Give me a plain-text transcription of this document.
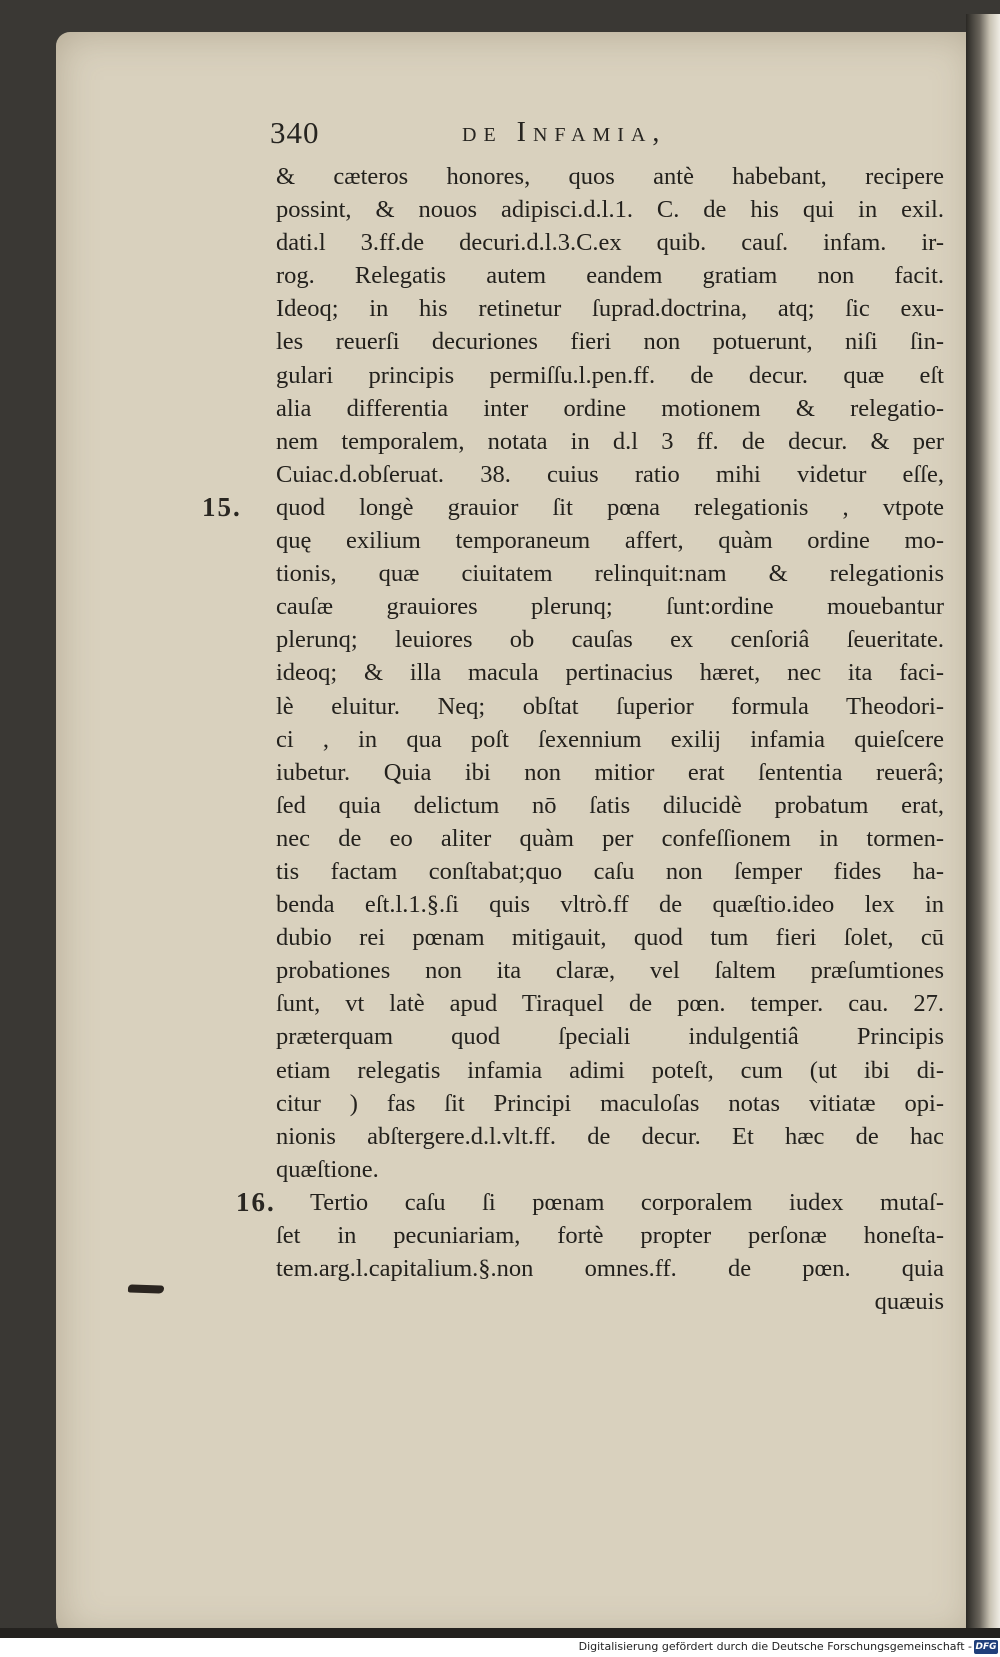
340	de Infamia,
& cæteros honores, quos antè habebant, recipere
possint, & nouos adipisci.d.l.1. C. de his qui in exil.
dati.l 3.ff.de decuri.d.l.3.C.ex quib. cauſ. infam. ir-
rog. Relegatis autem eandem gratiam non facit.
Ideoq; in his retinetur ſuprad.doctrina, atq; ſic exu-
les reuerſi decuriones fieri non potuerunt, niſi ſin-
gulari principis permiſſu.l.pen.ff. de decur. quæ eſt
alia differentia inter ordine motionem & relegatio-
nem temporalem, notata in d.l 3 ff. de decur. & per
Cuiac.d.obſeruat. 38. cuius ratio mihi videtur eſſe,
quod longè grauior ſit pœna relegationis , vtpote
15.
quę exilium temporaneum affert, quàm ordine mo-
tionis, quæ ciuitatem relinquit:nam & relegationis
cauſæ grauiores plerunq; ſunt:ordine mouebantur
plerunq; leuiores ob cauſas ex cenſoriâ ſeueritate.
ideoq; & illa macula pertinacius hæret, nec ita faci-
lè eluitur. Neq; obſtat ſuperior formula Theodori-
ci , in qua poſt ſexennium exilij infamia quieſcere
iubetur. Quia ibi non mitior erat ſententia reuerâ;
ſed quia delictum nō ſatis dilucidè probatum erat,
nec de eo aliter quàm per confeſſionem in tormen-
tis factam conſtabat;quo caſu non ſemper fides ha-
benda eſt.l.1.§.ſi quis vltrò.ff de quæſtio.ideo lex in
dubio rei pœnam mitigauit, quod tum fieri ſolet, cū
probationes non ita claræ, vel ſaltem præſumtiones
ſunt, vt latè apud Tiraquel de pœn. temper. cau. 27.
præterquam quod ſpeciali indulgentiâ Principis
etiam relegatis infamia adimi poteſt, cum (ut ibi di-
citur ) fas ſit Principi maculoſas notas vitiatæ opi-
nionis abſtergere.d.l.vlt.ff. de decur. Et hæc de hac
quæſtione.
Tertio caſu ſi pœnam corporalem iudex mutaſ-
16.
ſet in pecuniariam, fortè propter perſonæ honeſta-
tem.arg.l.capitalium.§.non omnes.ff. de pœn. quia
quæuis
Digitalisierung gefördert durch die Deutsche Forschungsgemeinschaft - DFG
